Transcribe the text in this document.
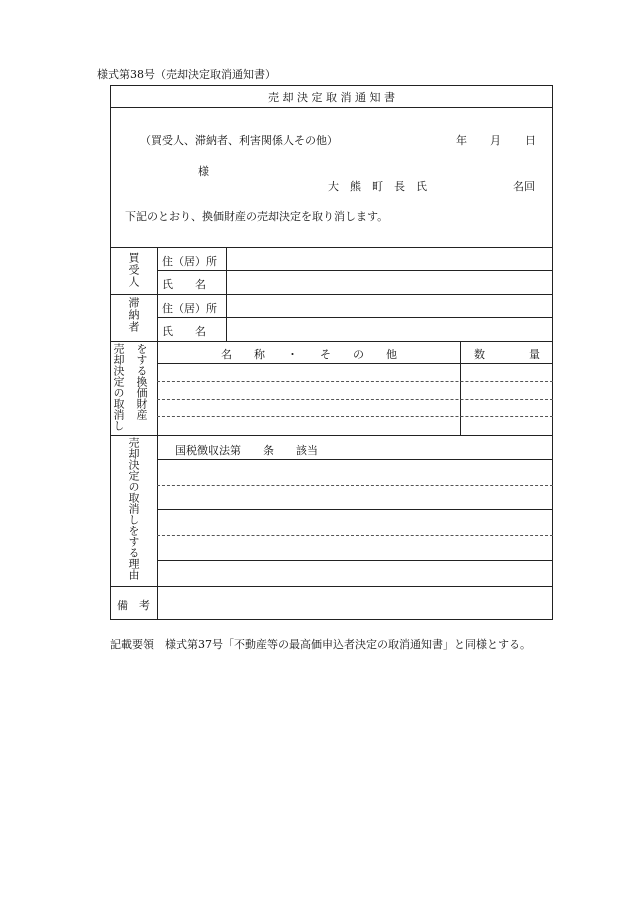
様式第38号（売却決定取消通知書）
売 却 決 定 取 消 通 知 書
（買受人、滞納者、利害関係人その他）	年 月 日
様
大　熊　町　長　氏	名回
下記のとおり、換価財産の売却決定を取り消します。
買受人 住（居）所
氏　　名
滞納者 住（居）所
氏　　名
売却決定の取消し をする換価財産	名　　称　　・　　そ　　の　　他	数　　　　量
売却決定の取消しをする理由	国税徴収法第　　条　　該当
備　考
記載要領　様式第37号「不動産等の最高価申込者決定の取消通知書」と同様とする。
